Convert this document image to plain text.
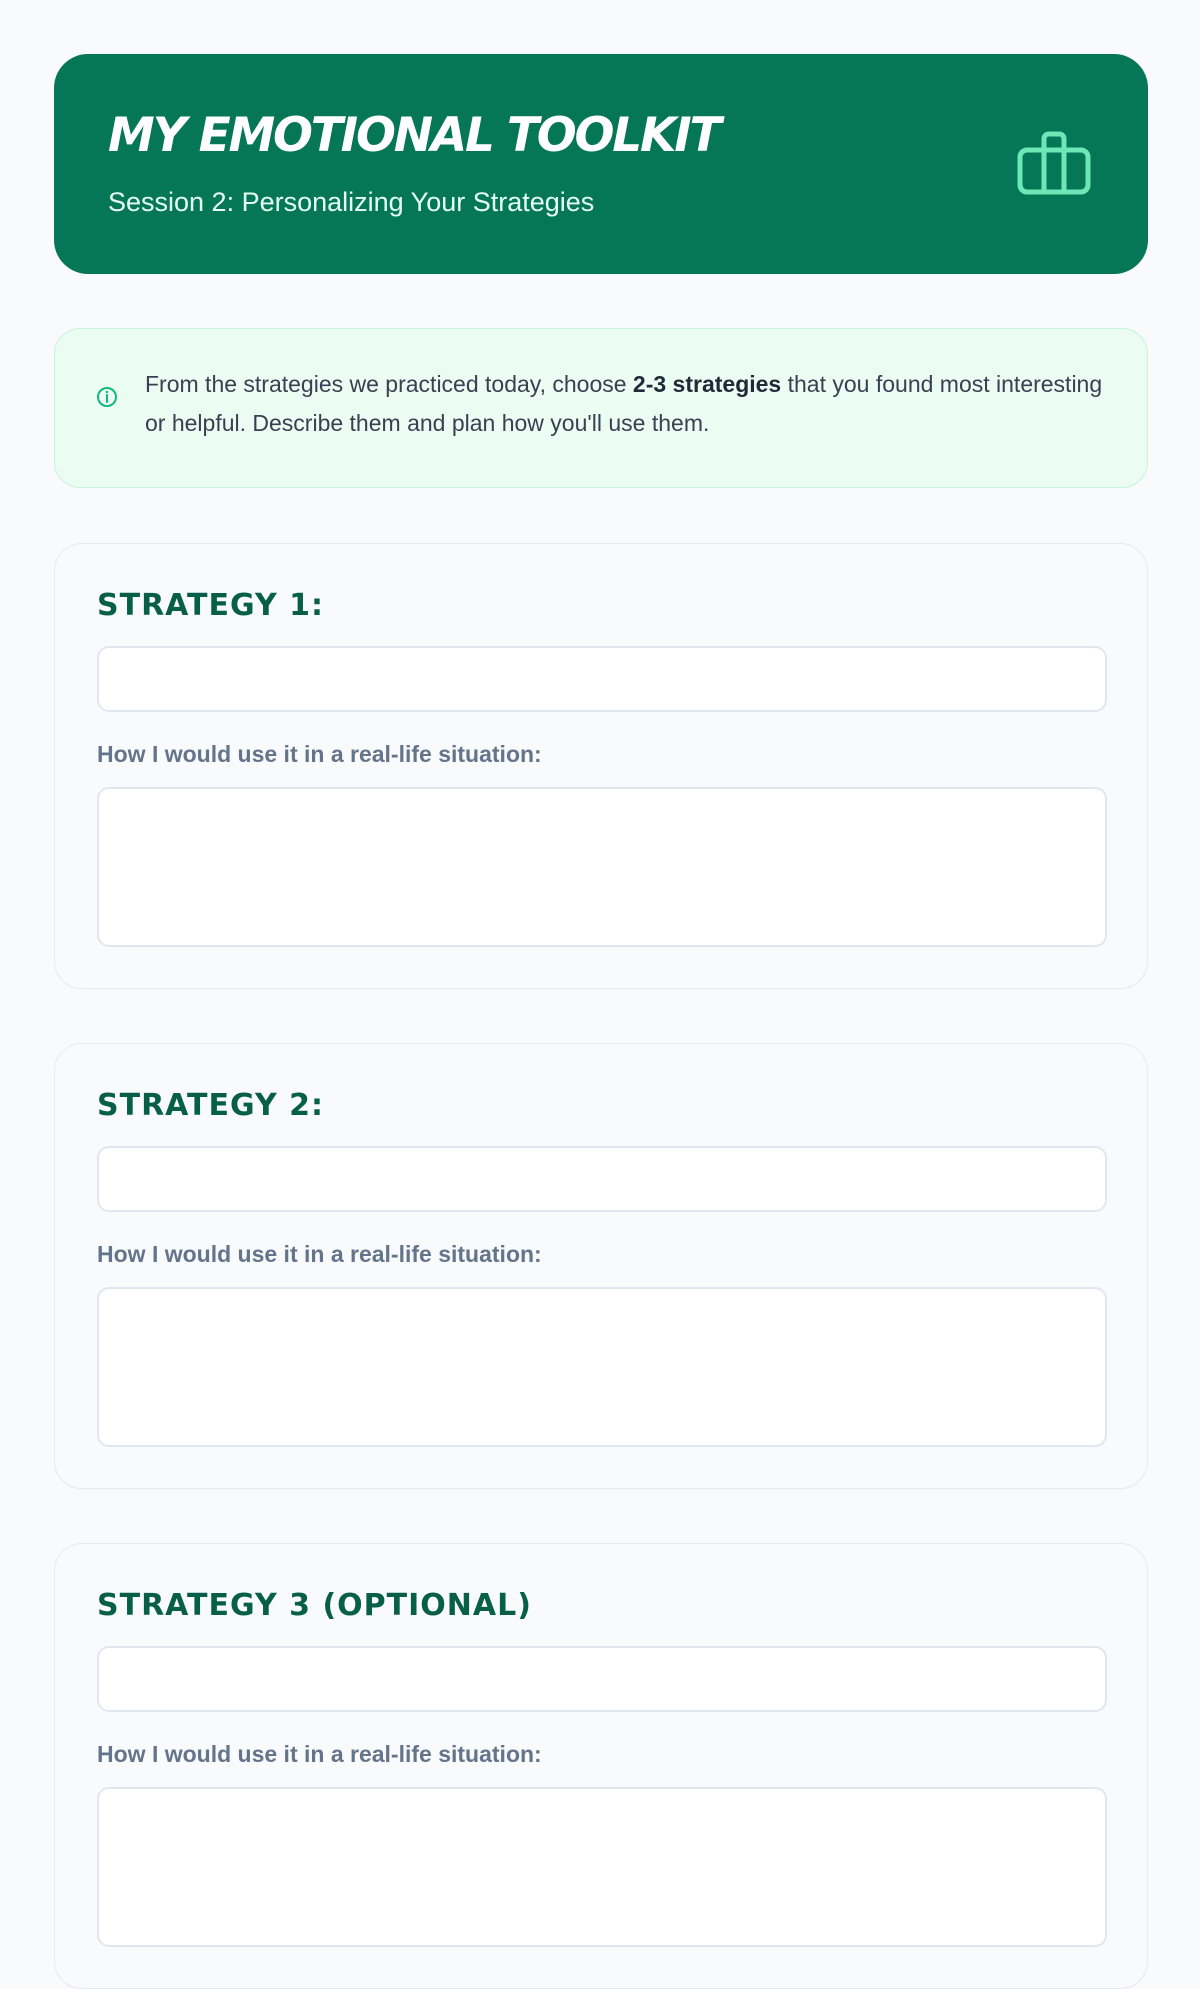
MY EMOTIONAL TOOLKIT
Session 2: Personalizing Your Strategies
From the strategies we practiced today, choose 2-3 strategies that you found most interesting or helpful. Describe them and plan how you'll use them.
STRATEGY 1:
How I would use it in a real-life situation:
STRATEGY 2:
How I would use it in a real-life situation:
STRATEGY 3 (OPTIONAL)
How I would use it in a real-life situation:
